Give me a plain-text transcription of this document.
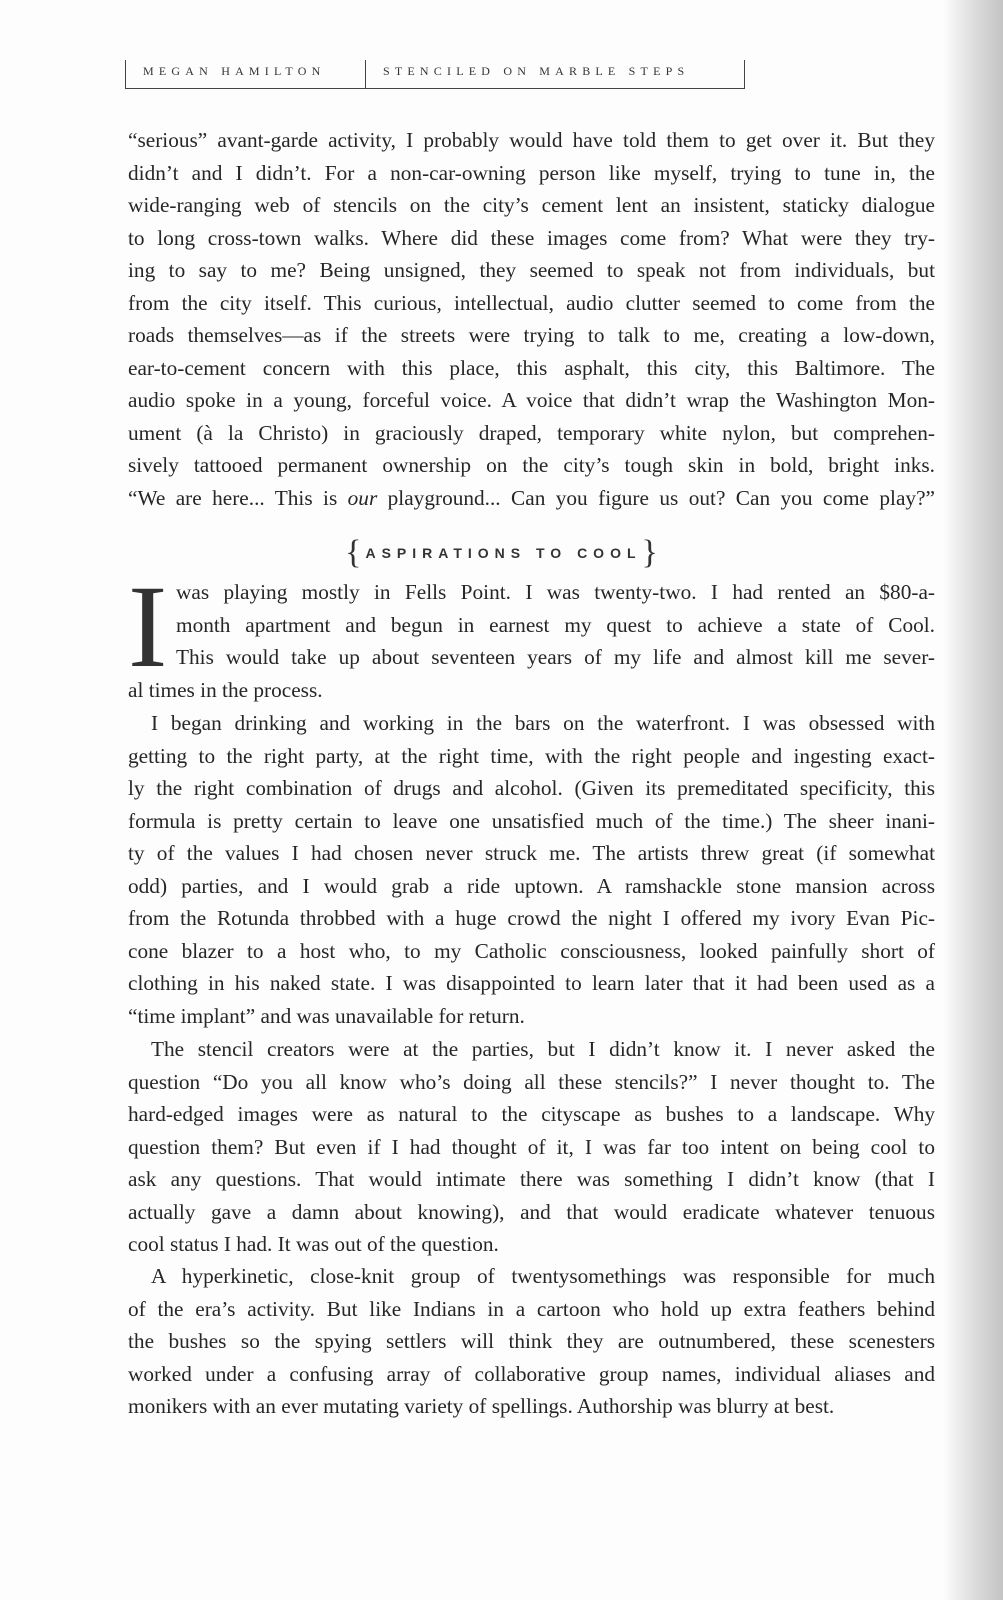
MEGAN HAMILTON	STENCILED ON MARBLE STEPS
“serious” avant-garde activity, I probably would have told them to get over it. But they
didn’t and I didn’t. For a non-car-owning person like myself, trying to tune in, the
wide-ranging web of stencils on the city’s cement lent an insistent, staticky dialogue
to long cross-town walks. Where did these images come from? What were they try-
ing to say to me? Being unsigned, they seemed to speak not from individuals, but
from the city itself. This curious, intellectual, audio clutter seemed to come from the
roads themselves—as if the streets were trying to talk to me, creating a low-down,
ear-to-cement concern with this place, this asphalt, this city, this Baltimore. The
audio spoke in a young, forceful voice. A voice that didn’t wrap the Washington Mon-
ument (à la Christo) in graciously draped, temporary white nylon, but comprehen-
sively tattooed permanent ownership on the city’s tough skin in bold, bright inks.
“We are here... This is our playground... Can you figure us out? Can you come play?”
was playing mostly in Fells Point. I was twenty-two. I had rented an $80-a-
month apartment and begun in earnest my quest to achieve a state of Cool.
This would take up about seventeen years of my life and almost kill me sever-
al times in the process.
I began drinking and working in the bars on the waterfront. I was obsessed with
getting to the right party, at the right time, with the right people and ingesting exact-
ly the right combination of drugs and alcohol. (Given its premeditated specificity, this
formula is pretty certain to leave one unsatisfied much of the time.) The sheer inani-
ty of the values I had chosen never struck me. The artists threw great (if somewhat
odd) parties, and I would grab a ride uptown. A ramshackle stone mansion across
from the Rotunda throbbed with a huge crowd the night I offered my ivory Evan Pic-
cone blazer to a host who, to my Catholic consciousness, looked painfully short of
clothing in his naked state. I was disappointed to learn later that it had been used as a
“time implant” and was unavailable for return.
The stencil creators were at the parties, but I didn’t know it. I never asked the
question “Do you all know who’s doing all these stencils?” I never thought to. The
hard-edged images were as natural to the cityscape as bushes to a landscape. Why
question them? But even if I had thought of it, I was far too intent on being cool to
ask any questions. That would intimate there was something I didn’t know (that I
actually gave a damn about knowing), and that would eradicate whatever tenuous
cool status I had. It was out of the question.
A hyperkinetic, close-knit group of twentysomethings was responsible for much
of the era’s activity. But like Indians in a cartoon who hold up extra feathers behind
the bushes so the spying settlers will think they are outnumbered, these scenesters
worked under a confusing array of collaborative group names, individual aliases and
monikers with an ever mutating variety of spellings. Authorship was blurry at best.
{ ASPIRATIONS TO COOL}
I
